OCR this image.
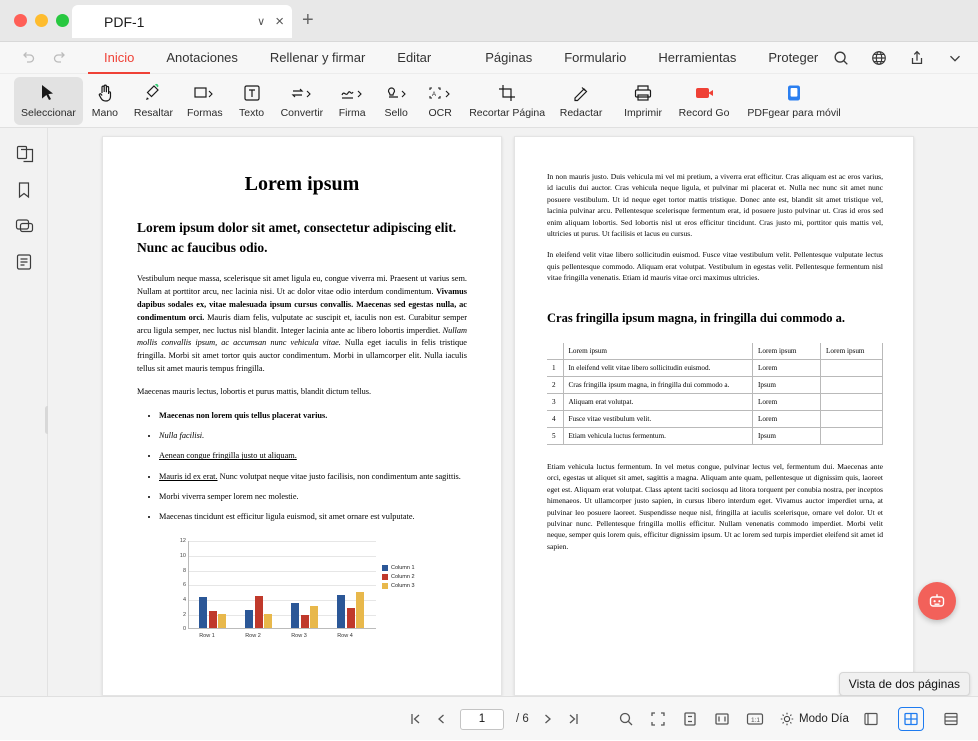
PDF-1	∨ × +
Inicio	Anotaciones	Rellenar y firmar	Editar	Páginas	Formulario	Herramientas	Proteger
Seleccionar Mano Resaltar Formas Texto Convertir Firma Sello
A
OCR Recortar Página Redactar Imprimir Record Go PDFgear para móvil
Lorem ipsum
Lorem ipsum dolor sit amet, consectetur adipiscing elit. Nunc ac faucibus odio.

Vestibulum neque massa, scelerisque sit amet ligula eu, congue viverra mi. Praesent ut varius sem. Nullam at porttitor arcu, nec lacinia nisi. Ut ac dolor vitae odio interdum condimentum. Vivamus dapibus sodales ex, vitae malesuada ipsum cursus convallis. Maecenas sed egestas nulla, ac condimentum orci. Mauris diam felis, vulputate ac suscipit et, iaculis non est. Curabitur semper arcu ligula semper, nec luctus nisl blandit. Integer lacinia ante ac libero lobortis imperdiet. Nullam mollis convallis ipsum, ac accumsan nunc vehicula vitae. Nulla eget iaculis in felis tristique fringilla. Morbi sit amet tortor quis auctor condimentum. Morbi in ullamcorper elit. Nulla iaculis tellus sit amet mauris tempus fringilla.

Maecenas mauris lectus, lobortis et purus mattis, blandit dictum tellus.

• Maecenas non lorem quis tellus placerat varius.
• Nulla facilisi.
• Aenean congue fringilla justo ut aliquam.
• Mauris id ex erat. Nunc volutpat neque vitae justo facilisis, non condimentum ante sagittis.
• Morbi viverra semper lorem nec molestie.
• Maecenas tincidunt est efficitur ligula euismod, sit amet ornare est vulputate.
0
2
4
6
8
10
12
Row 1	Row 2	Row 3	Row 4
Column 1
Column 2
Column 3

In non mauris justo. Duis vehicula mi vel mi pretium, a viverra erat efficitur. Cras aliquam est ac eros varius, id iaculis dui auctor. Cras vehicula neque ligula, et pulvinar mi placerat et. Nulla nec nunc sit amet nunc posuere vestibulum. Ut id neque eget tortor mattis tristique. Donec ante est, blandit sit amet tristique vel, lacinia pulvinar arcu. Pellentesque scelerisque fermentum erat, id posuere justo pulvinar ut. Cras id eros sed enim aliquam lobortis. Sed lobortis nisl ut eros efficitur tincidunt. Cras justo mi, porttitor quis mattis vel, ultricies ut purus. Ut facilisis et lacus eu cursus.

In eleifend velit vitae libero sollicitudin euismod. Fusce vitae vestibulum velit. Pellentesque vulputate lectus quis pellentesque commodo. Aliquam erat volutpat. Vestibulum in egestas velit. Pellentesque fermentum nisl vitae fringilla venenatis. Etiam id mauris vitae orci maximus ultricies.

Cras fringilla ipsum magna, in fringilla dui commodo a.
	Lorem ipsum	Lorem ipsum	Lorem ipsum
1	In eleifend velit vitae libero sollicitudin euismod.	Lorem	
2	Cras fringilla ipsum magna, in fringilla dui commodo a.	Ipsum	
3	Aliquam erat volutpat.	Lorem	
4	Fusce vitae vestibulum velit.	Lorem	
5	Etiam vehicula luctus fermentum.	Ipsum	

Etiam vehicula luctus fermentum. In vel metus congue, pulvinar lectus vel, fermentum dui. Maecenas ante orci, egestas ut aliquet sit amet, sagittis a magna. Aliquam ante quam, pellentesque ut dignissim quis, laoreet eget est. Aliquam erat volutpat. Class aptent taciti sociosqu ad litora torquent per conubia nostra, per inceptos himenaeos. Ut ullamcorper justo sapien, in cursus libero interdum eget. Vivamus auctor imperdiet urna, at pulvinar leo posuere laoreet. Suspendisse neque nisl, fringilla at iaculis scelerisque, ornare vel dolor. Ut et pulvinar nunc. Pellentesque fringilla mollis efficitur. Nullam venenatis commodo imperdiet. Morbi velit neque, semper quis lorem quis, efficitur dignissim ipsum. Ut ac lorem sed turpis imperdiet eleifend sit amet id sapien.

Vista de dos páginas
1	/ 6	1:1	Modo Día
